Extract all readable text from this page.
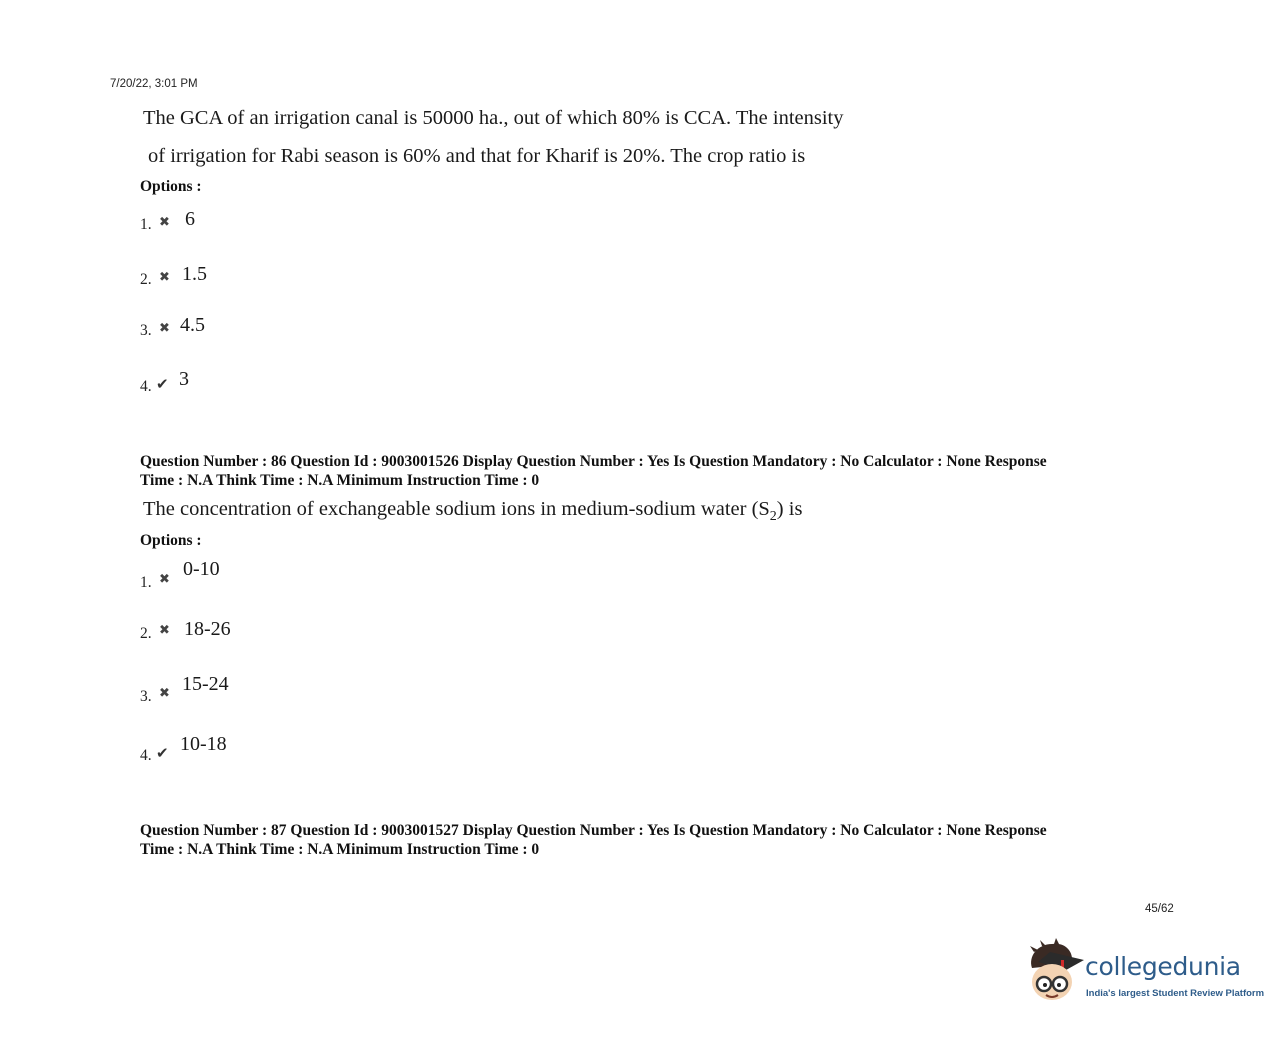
7/20/22, 3:01 PM
The GCA of an irrigation canal is 50000 ha., out of which 80% is CCA. The intensity
of irrigation for Rabi season is 60% and that for Kharif is 20%. The crop ratio is
Options :
1. ✖ 6
2. ✖ 1.5
3. ✖ 4.5
4. ✔ 3
Question Number : 86 Question Id : 9003001526 Display Question Number : Yes Is Question Mandatory : No Calculator : None Response
Time : N.A Think Time : N.A Minimum Instruction Time : 0
The concentration of exchangeable sodium ions in medium-sodium water $(S_2)$ is
Options :
1. ✖ 0-10
2. ✖ 18-26
3. ✖ 15-24
4. ✔ 10-18
Question Number : 87 Question Id : 9003001527 Display Question Number : Yes Is Question Mandatory : No Calculator : None Response
Time : N.A Think Time : N.A Minimum Instruction Time : 0
45/62
collegedunia
India's largest Student Review Platform
